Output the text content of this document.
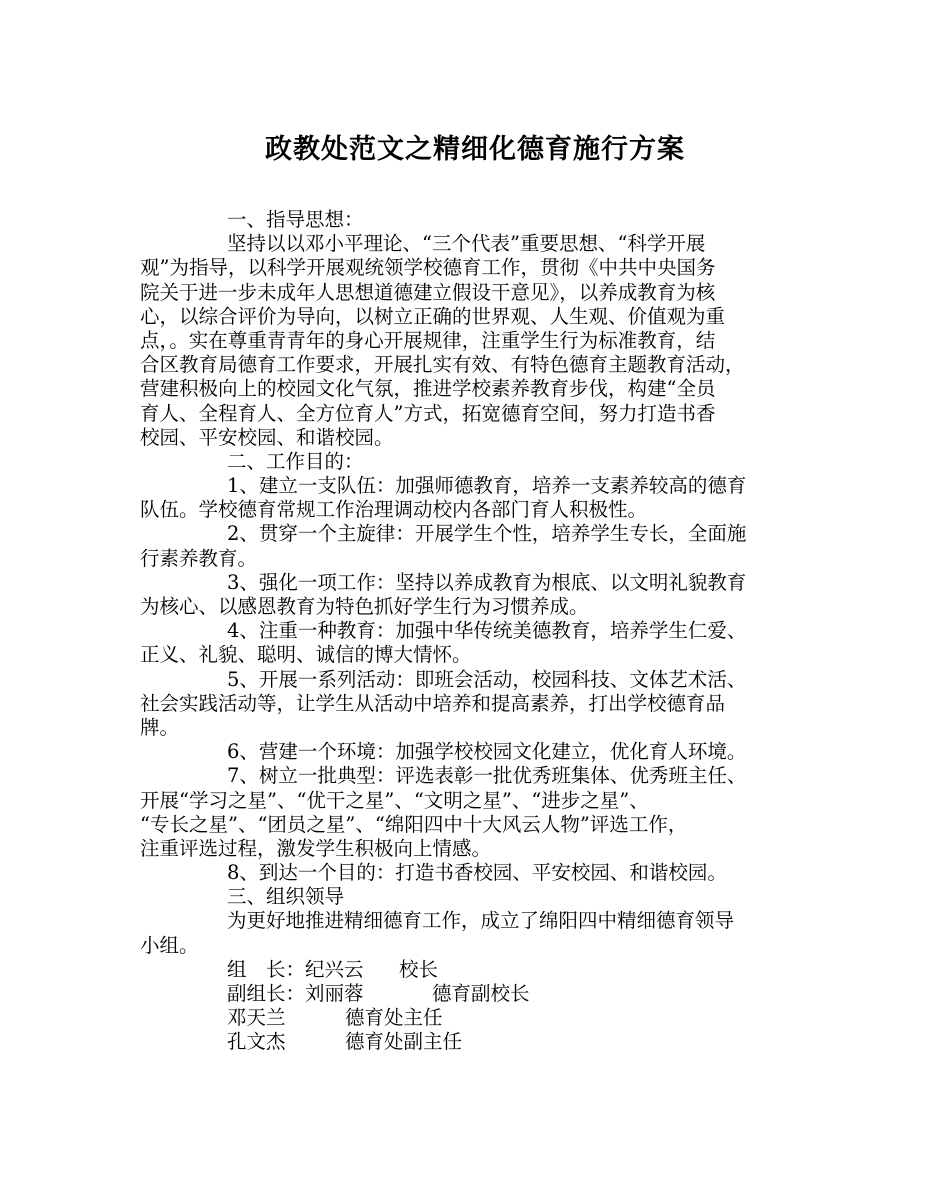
政教处范文之精细化德育施行方案
一、指导思想：
坚持以以邓小平理论、“三个代表”重要思想、“科学开展
观”为指导，以科学开展观统领学校德育工作，贯彻《中共中央国务
院关于进一步未成年人思想道德建立假设干意见》，以养成教育为核
心，以综合评价为导向，以树立正确的世界观、人生观、价值观为重
点，。实在尊重青青年的身心开展规律，注重学生行为标准教育，结
合区教育局德育工作要求，开展扎实有效、有特色德育主题教育活动，
营建积极向上的校园文化气氛，推进学校素养教育步伐，构建“全员
育人、全程育人、全方位育人”方式，拓宽德育空间，努力打造书香
校园、平安校园、和谐校园。
二、工作目的：
1、建立一支队伍：加强师德教育，培养一支素养较高的德育
队伍。学校德育常规工作治理调动校内各部门育人积极性。
2、贯穿一个主旋律：开展学生个性，培养学生专长，全面施
行素养教育。
3、强化一项工作：坚持以养成教育为根底、以文明礼貌教育
为核心、以感恩教育为特色抓好学生行为习惯养成。
4、注重一种教育：加强中华传统美德教育，培养学生仁爱、
正义、礼貌、聪明、诚信的博大情怀。
5、开展一系列活动：即班会活动，校园科技、文体艺术活、
社会实践活动等，让学生从活动中培养和提高素养，打出学校德育品
牌。
6、营建一个环境：加强学校校园文化建立，优化育人环境。
7、树立一批典型：评选表彰一批优秀班集体、优秀班主任、
开展“学习之星”、“优干之星”、“文明之星”、“进步之星”、
“专长之星”、“团员之星”、“绵阳四中十大风云人物”评选工作，
注重评选过程，激发学生积极向上情感。
8、到达一个目的：打造书香校园、平安校园、和谐校园。
三、组织领导
为更好地推进精细德育工作，成立了绵阳四中精细德育领导
小组。
组　长：纪兴云 校长
副组长：刘丽蓉	德育副校长
邓天兰	德育处主任
孔文杰	德育处副主任
